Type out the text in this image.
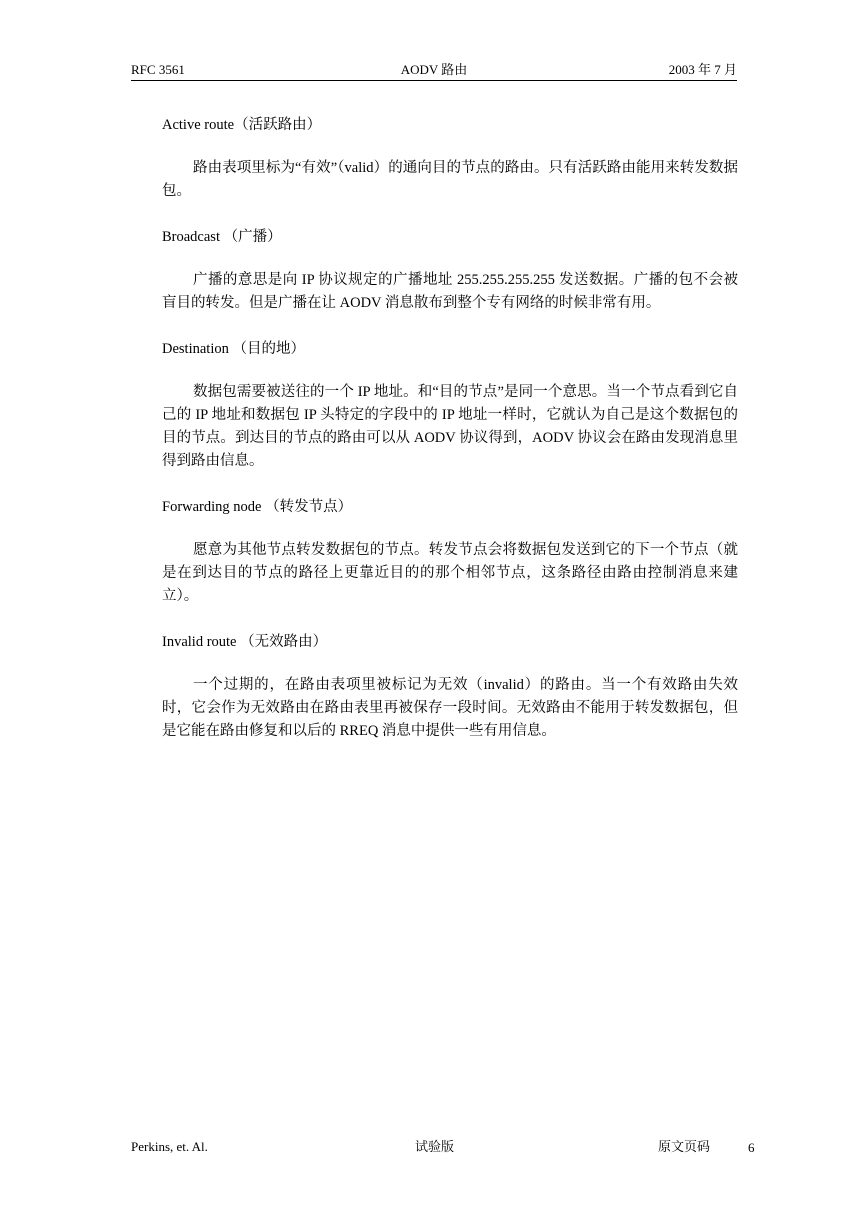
RFC 3561	AODV 路由	2003 年 7 月

Active route（活跃路由）

路由表项里标为“有效”（valid）的通向目的节点的路由。只有活跃路由能用来转发数据包。

Broadcast （广播）

广播的意思是向 IP 协议规定的广播地址 255.255.255.255 发送数据。广播的包不会被盲目的转发。但是广播在让 AODV 消息散布到整个专有网络的时候非常有用。

Destination （目的地）

数据包需要被送往的一个 IP 地址。和“目的节点”是同一个意思。当一个节点看到它自己的 IP 地址和数据包 IP 头特定的字段中的 IP 地址一样时，它就认为自己是这个数据包的目的节点。到达目的节点的路由可以从 AODV 协议得到，AODV 协议会在路由发现消息里得到路由信息。

Forwarding node （转发节点）

愿意为其他节点转发数据包的节点。转发节点会将数据包发送到它的下一个节点（就是在到达目的节点的路径上更靠近目的的那个相邻节点，这条路径由路由控制消息来建立）。

Invalid route （无效路由）

一个过期的，在路由表项里被标记为无效（invalid）的路由。当一个有效路由失效时，它会作为无效路由在路由表里再被保存一段时间。无效路由不能用于转发数据包，但是它能在路由修复和以后的 RREQ 消息中提供一些有用信息。

Perkins, et. Al.	试验版	原文页码	6
